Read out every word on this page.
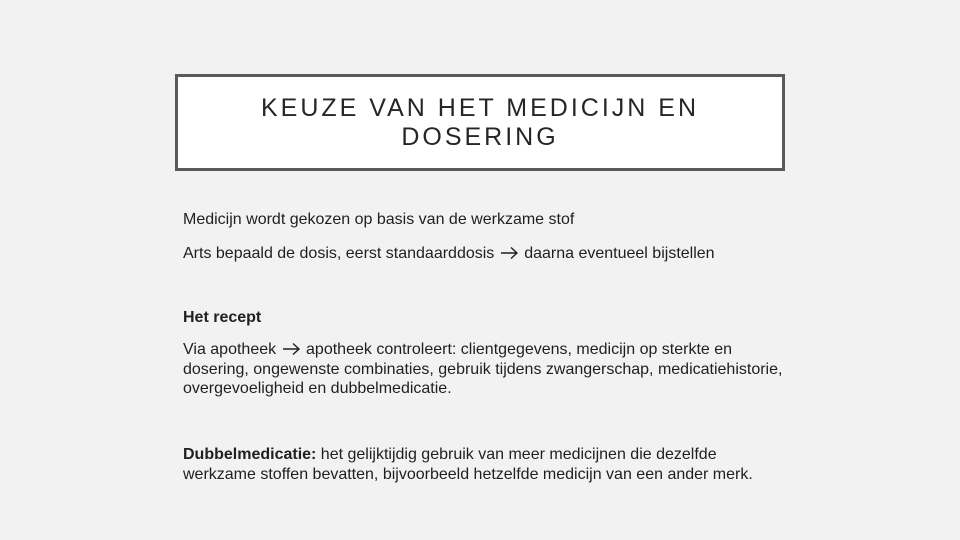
KEUZE VAN HET MEDICIJN EN DOSERING

Medicijn wordt gekozen op basis van de werkzame stof

Arts bepaald de dosis, eerst standaarddosis daarna eventueel bijstellen

Het recept

Via apotheek apotheek controleert: clientgegevens, medicijn op sterkte en dosering, ongewenste combinaties, gebruik tijdens zwangerschap, medicatiehistorie, overgevoeligheid en dubbelmedicatie.

Dubbelmedicatie: het gelijktijdig gebruik van meer medicijnen die dezelfde werkzame stoffen bevatten, bijvoorbeeld hetzelfde medicijn van een ander merk.
